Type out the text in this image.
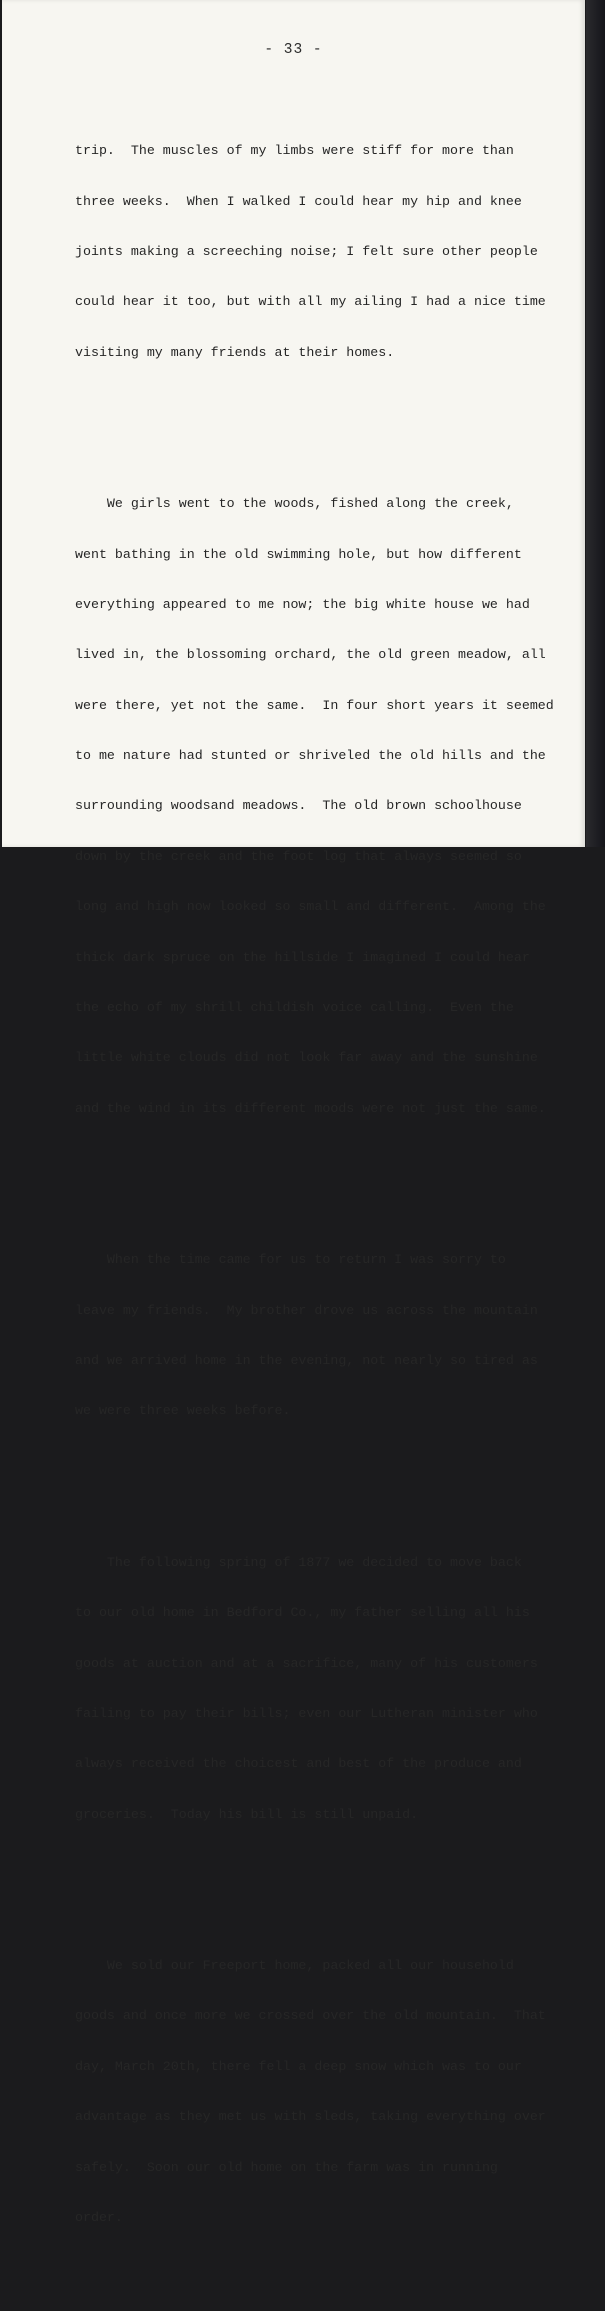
- 33 -

trip.  The muscles of my limbs were stiff for more than

three weeks.  When I walked I could hear my hip and knee

joints making a screeching noise; I felt sure other people

could hear it too, but with all my ailing I had a nice time

visiting my many friends at their homes.

We girls went to the woods, fished along the creek,

went bathing in the old swimming hole, but how different

everything appeared to me now; the big white house we had

lived in, the blossoming orchard, the old green meadow, all

were there, yet not the same.  In four short years it seemed

to me nature had stunted or shriveled the old hills and the

surrounding woodsand meadows.  The old brown schoolhouse

down by the creek and the foot log that always seemed so

long and high now looked so small and different.  Among the

thick dark spruce on the hillside I imagined I could hear

the echo of my shrill childish voice calling.  Even the

little white clouds did not look far away and the sunshine

and the wind in its different moods were not just the same.

When the time came for us to return I was sorry to

leave my friends.  My brother drove us across the mountain

and we arrived home in the evening, not nearly so tired as

we were three weeks before.

The following spring of 1877 we decided to move back

to our old home in Bedford Co., my father selling all his

goods at auction and at a sacrifice, many of his customers

failing to pay their bills; even our Lutheran minister who

always received the choicest and best of the produce and

groceries.  Today his bill is still unpaid.

We sold our Freeport home, packed all our household

goods and once more we crossed over the old mountain.  That

day, March 20th, there fell a deep snow which was to our

advantage as they met us with sleds, taking everything over

safely.  Soon our old home on the farm was in running

order.
